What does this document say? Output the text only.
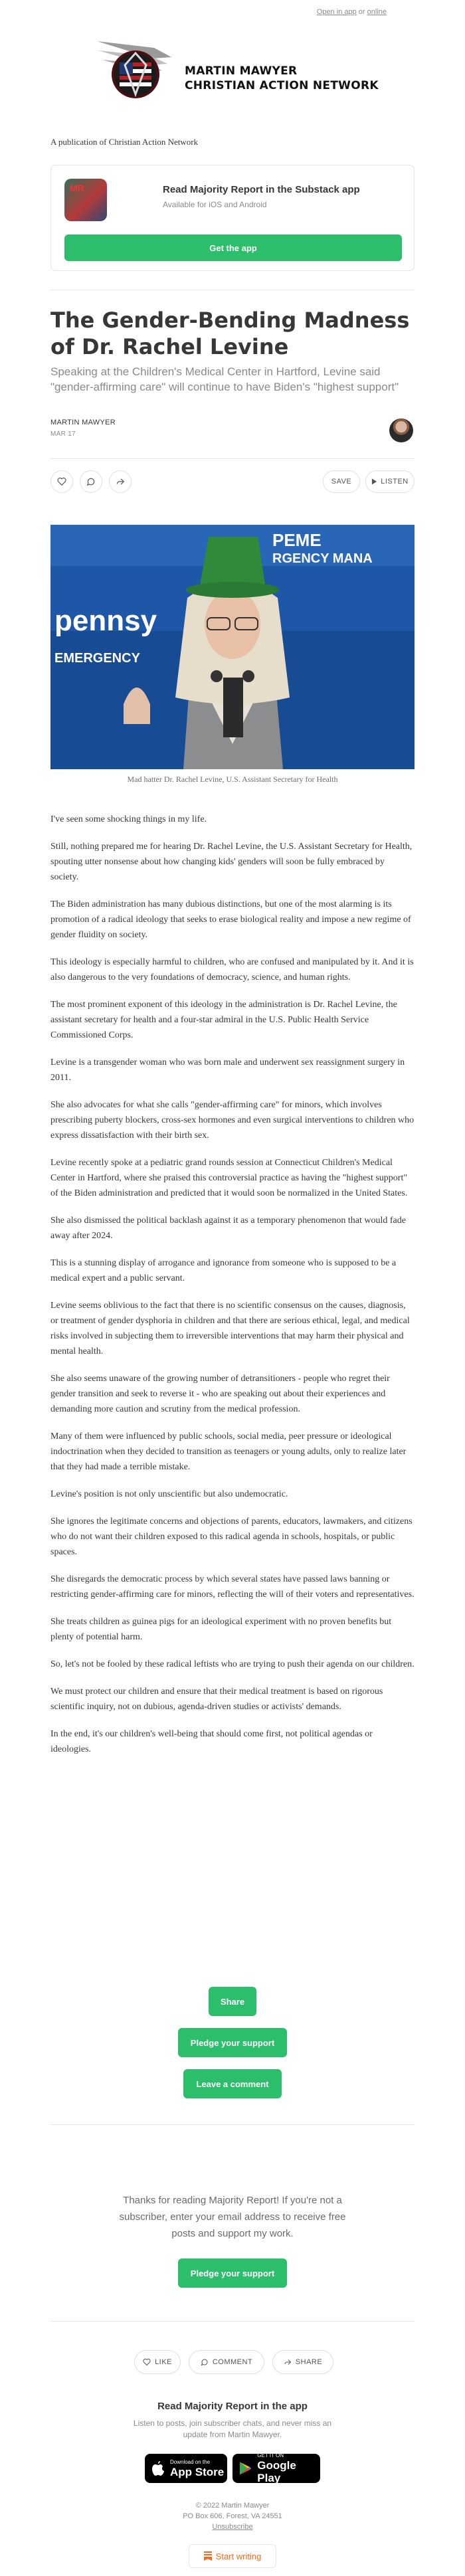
Open in app or online
MARTIN MAWYER
CHRISTIAN ACTION NETWORK
A publication of Christian Action Network
MR	Read Majority Report in the Substack app
Available for iOS and Android
Get the app
The Gender-Bending Madness of Dr. Rachel Levine
Speaking at the Children's Medical Center in Hartford, Levine said "gender-affirming care" will continue to have Biden's "highest support"
MARTIN MAWYER
MAR 17
SAVE	LISTEN
PEME
pennsy
EMERGENCY
RGENCY MANA
Mad hatter Dr. Rachel Levine, U.S. Assistant Secretary for Health

I've seen some shocking things in my life.

Still, nothing prepared me for hearing Dr. Rachel Levine, the U.S. Assistant Secretary for Health, spouting utter nonsense about how changing kids' genders will soon be fully embraced by society.

The Biden administration has many dubious distinctions, but one of the most alarming is its promotion of a radical ideology that seeks to erase biological reality and impose a new regime of gender fluidity on society.

This ideology is especially harmful to children, who are confused and manipulated by it. And it is also dangerous to the very foundations of democracy, science, and human rights.

The most prominent exponent of this ideology in the administration is Dr. Rachel Levine, the assistant secretary for health and a four-star admiral in the U.S. Public Health Service Commissioned Corps.

Levine is a transgender woman who was born male and underwent sex reassignment surgery in 2011.

She also advocates for what she calls "gender-affirming care" for minors, which involves prescribing puberty blockers, cross-sex hormones and even surgical interventions to children who express dissatisfaction with their birth sex.

Levine recently spoke at a pediatric grand rounds session at Connecticut Children's Medical Center in Hartford, where she praised this controversial practice as having the "highest support" of the Biden administration and predicted that it would soon be normalized in the United States.

She also dismissed the political backlash against it as a temporary phenomenon that would fade away after 2024.

This is a stunning display of arrogance and ignorance from someone who is supposed to be a medical expert and a public servant.

Levine seems oblivious to the fact that there is no scientific consensus on the causes, diagnosis, or treatment of gender dysphoria in children and that there are serious ethical, legal, and medical risks involved in subjecting them to irreversible interventions that may harm their physical and mental health.

She also seems unaware of the growing number of detransitioners - people who regret their gender transition and seek to reverse it - who are speaking out about their experiences and demanding more caution and scrutiny from the medical profession.

Many of them were influenced by public schools, social media, peer pressure or ideological indoctrination when they decided to transition as teenagers or young adults, only to realize later that they had made a terrible mistake.

Levine's position is not only unscientific but also undemocratic.

She ignores the legitimate concerns and objections of parents, educators, lawmakers, and citizens who do not want their children exposed to this radical agenda in schools, hospitals, or public spaces.

She disregards the democratic process by which several states have passed laws banning or restricting gender-affirming care for minors, reflecting the will of their voters and representatives.

She treats children as guinea pigs for an ideological experiment with no proven benefits but plenty of potential harm.

So, let's not be fooled by these radical leftists who are trying to push their agenda on our children.

We must protect our children and ensure that their medical treatment is based on rigorous scientific inquiry, not on dubious, agenda-driven studies or activists' demands.

In the end, it's our children's well-being that should come first, not political agendas or ideologies.

Share
Pledge your support
Leave a comment
Thanks for reading Majority Report! If you're not a subscriber, enter your email address to receive free posts and support my work.
Pledge your support
LIKE	COMMENT	SHARE
Read Majority Report in the app
Listen to posts, join subscriber chats, and never miss an update from Martin Mawyer.
Download on the
App Store
GET IT ON
Google Play
© 2022 Martin Mawyer
PO Box 606, Forest, VA 24551
Unsubscribe
Start writing
